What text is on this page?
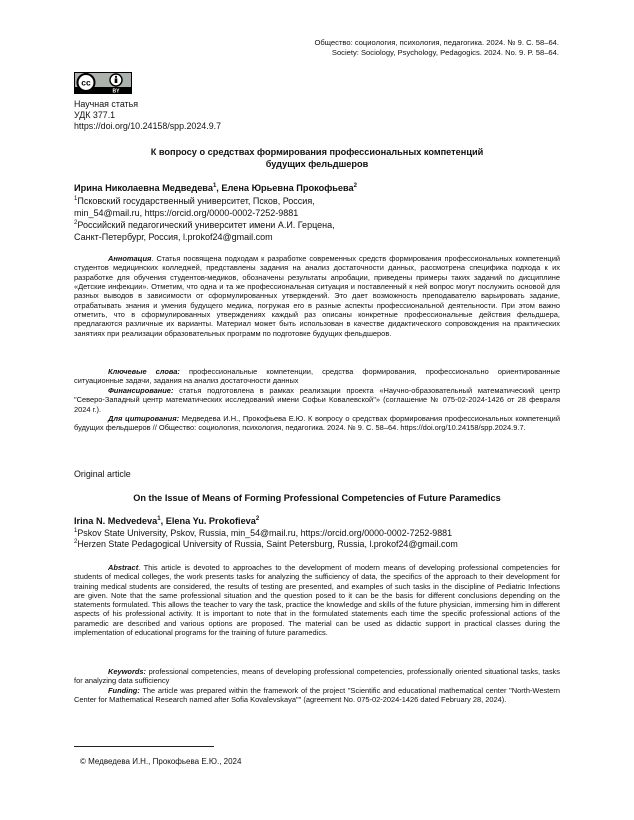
Общество: социология, психология, педагогика. 2024. № 9. С. 58–64.
Society: Sociology, Psychology, Pedagogics. 2024. No. 9. P. 58–64.
cc
BY
Научная статья
УДК 377.1
https://doi.org/10.24158/spp.2024.9.7
К вопросу о средствах формирования профессиональных компетенций
будущих фельдшеров
Ирина Николаевна Медведева$^1$, Елена Юрьевна Прокофьева$^2$
$^1$Псковский государственный университет, Псков, Россия,
min_54@mail.ru, https://orcid.org/0000-0002-7252-9881
$^2$Российский педагогический университет имени А.И. Герцена,
Санкт-Петербург, Россия, l.prokof24@gmail.com
Аннотация. Статья посвящена подходам к разработке современных средств формирования профессиональных компетенций студентов медицинских колледжей, представлены задания на анализ достаточности данных, рассмотрена специфика подхода к их разработке для обучения студентов-медиков, обозначены результаты апробации, приведены примеры таких заданий по дисциплине «Детские инфекции». Отметим, что одна и та же профессиональная ситуация и поставленный к ней вопрос могут послужить основой для разных выводов в зависимости от сформулированных утверждений. Это дает возможность преподавателю варьировать задание, отрабатывать знания и умения будущего медика, погружая его в разные аспекты профессиональной деятельности. При этом важно отметить, что в сформулированных утверждениях каждый раз описаны конкретные профессиональные действия фельдшера, предлагаются различные их варианты. Материал может быть использован в качестве дидактического сопровождения на практических занятиях при реализации образовательных программ по подготовке будущих фельдшеров.
Ключевые слова: профессиональные компетенции, средства формирования, профессионально ориентированные ситуационные задачи, задания на анализ достаточности данных
Финансирование: статья подготовлена в рамках реализации проекта «Научно-образовательный математический центр "Северо-Западный центр математических исследований имени Софьи Ковалевской"» (соглашение № 075-02-2024-1426 от 28 февраля 2024 г.).
Для цитирования: Медведева И.Н., Прокофьева Е.Ю. К вопросу о средствах формирования профессиональных компетенций будущих фельдшеров // Общество: социология, психология, педагогика. 2024. № 9. С. 58–64. https://doi.org/10.24158/spp.2024.9.7.
Original article
On the Issue of Means of Forming Professional Competencies of Future Paramedics
Irina N. Medvedeva$^1$, Elena Yu. Prokofieva$^2$
$^1$Pskov State University, Pskov, Russia, min_54@mail.ru, https://orcid.org/0000-0002-7252-9881
$^2$Herzen State Pedagogical University of Russia, Saint Petersburg, Russia, l.prokof24@gmail.com
Abstract. This article is devoted to approaches to the development of modern means of developing professional competencies for students of medical colleges, the work presents tasks for analyzing the sufficiency of data, the specifics of the approach to their development for training medical students are considered, the results of testing are presented, and examples of such tasks in the discipline of Pediatric Infections are given. Note that the same professional situation and the question posed to it can be the basis for different conclusions depending on the statements formulated. This allows the teacher to vary the task, practice the knowledge and skills of the future physician, immersing him in different aspects of his professional activity. It is important to note that in the formulated statements each time the specific professional actions of the paramedic are described and various options are proposed. The material can be used as didactic support in practical classes during the implementation of educational programs for the training of future paramedics.
Keywords: professional competencies, means of developing professional competencies, professionally oriented situational tasks, tasks for analyzing data sufficiency
Funding: The article was prepared within the framework of the project "Scientific and educational mathematical center "North-Western Center for Mathematical Research named after Sofia Kovalevskaya"" (agreement No. 075-02-2024-1426 dated February 28, 2024).
© Медведева И.Н., Прокофьева Е.Ю., 2024
